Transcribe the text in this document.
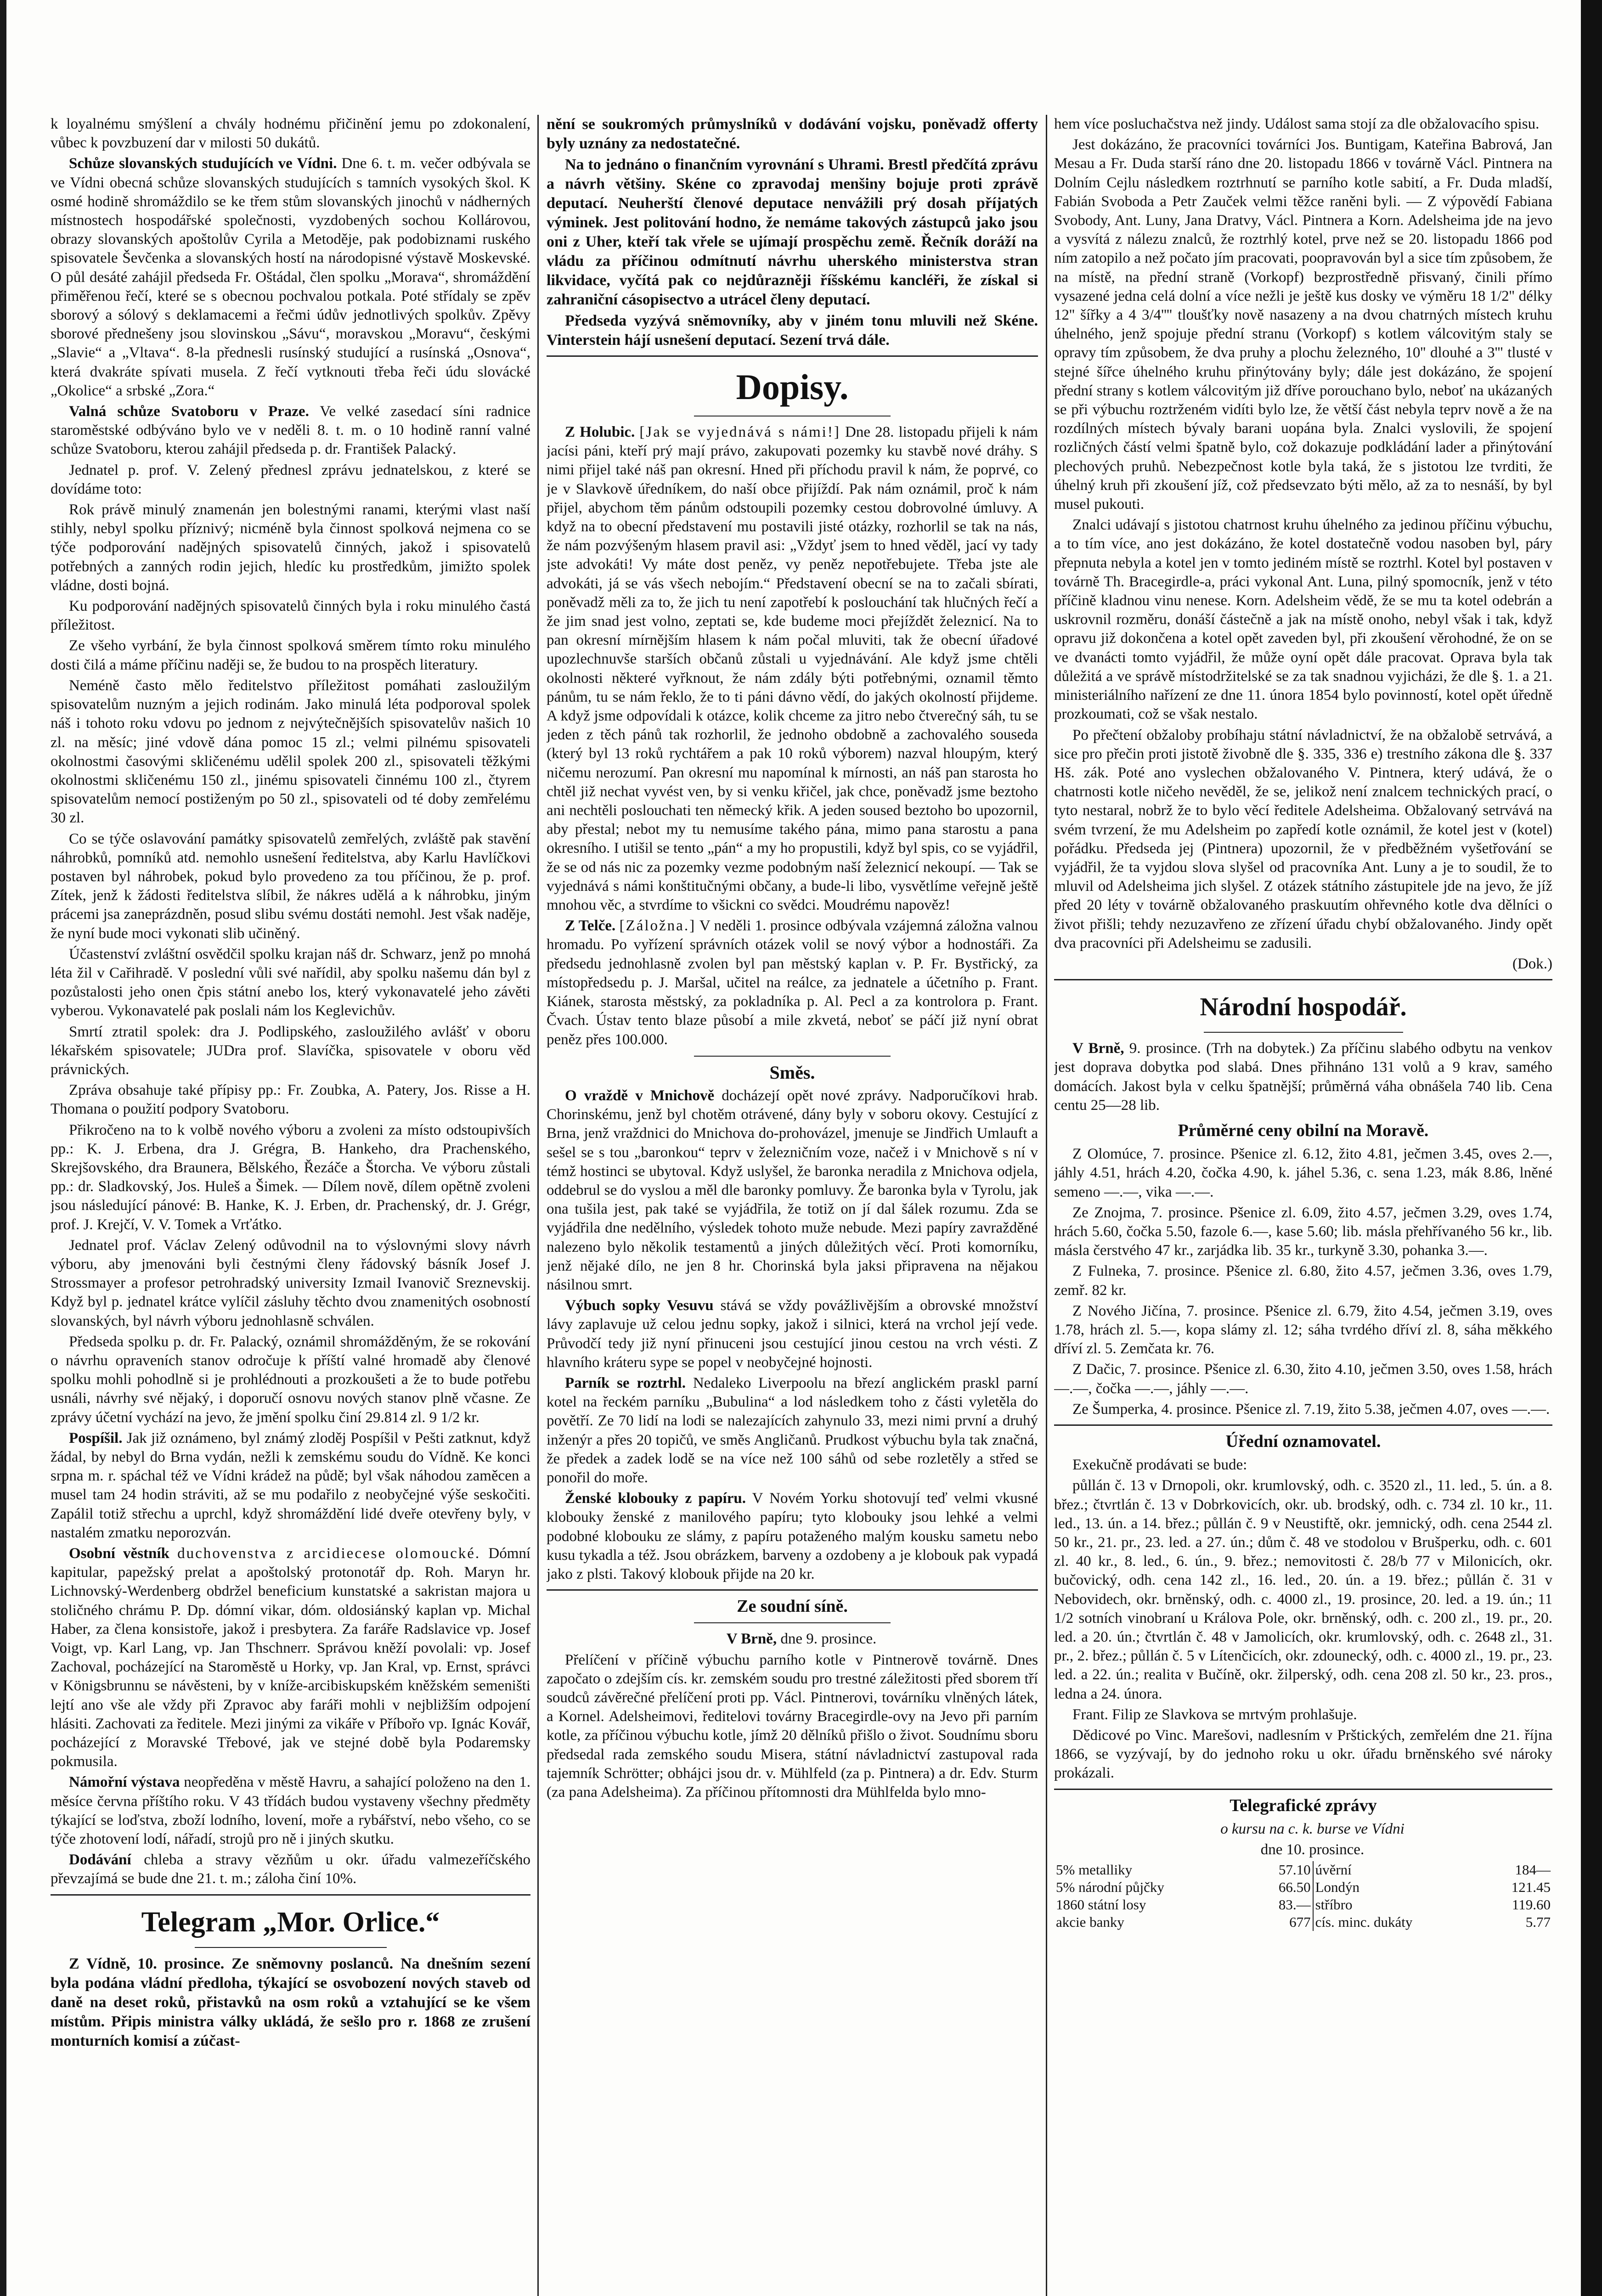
k loyalnému smýšlení a chvály hodnému přičinění jemu po zdokonalení, vůbec k povzbuzení dar v milosti 50 dukátů.

Schůze slovanských studujících ve Vídni. Dne 6. t. m. večer odbývala se ve Vídni obecná schůze slovanských studujících s tamních vysokých škol. K osmé hodině shromáždilo se ke třem stům slovanských jinochů v nádherných místnostech hospodářské společnosti, vyzdobených sochou Kollárovou, obrazy slovanských apoštolův Cyrila a Metoděje, pak podobiznami ruského spisovatele Ševčenka a slovanských hostí na národopisné výstavě Moskevské. O půl desáté zahájil předseda Fr. Oštádal, člen spolku „Morava“, shromáždění přiměřenou řečí, které se s obecnou pochvalou potkala. Poté střídaly se zpěv sborový a sólový s deklamacemi a řečmi údův jednotlivých spolkův. Zpěvy sborové přednešeny jsou slovinskou „Sávu“, moravskou „Moravu“, českými „Slavie“ a „Vltava“. 8-la přednesli rusínský studující a rusínská „Osnova“, která dvakráte spívati musela. Z řečí vytknouti třeba řeči údu slovácké „Okolice“ a srbské „Zora.“

Valná schůze Svatoboru v Praze. Ve velké zasedací síni radnice staroměstské odbýváno bylo ve v neděli 8. t. m. o 10 hodině ranní valné schůze Svatoboru, kterou zahájil předseda p. dr. František Palacký.

Jednatel p. prof. V. Zelený přednesl zprávu jednatelskou, z které se dovídáme toto:

Rok právě minulý znamenán jen bolestnými ranami, kterými vlast naší stihly, nebyl spolku příznivý; nicméně byla činnost spolková nejmena co se týče podporování nadějných spisovatelů činných, jakož i spisovatelů potřebných a zanných rodin jejich, hledíc ku prostředkům, jimižto spolek vládne, dosti bojná.

Ku podporování nadějných spisovatelů činných byla i roku minulého častá příležitost.

Ze všeho vyrbání, že byla činnost spolková směrem tímto roku minulého dosti čilá a máme příčinu naději se, že budou to na prospěch literatury.

Neméně často mělo ředitelstvo příležitost pomáhati zasloužilým spisovatelům nuzným a jejich rodinám. Jako minulá léta podporoval spolek náš i tohoto roku vdovu po jednom z nejvýtečnějších spisovatelův našich 10 zl. na měsíc; jiné vdově dána pomoc 15 zl.; velmi pilnému spisovateli okolnostmi časovými skličenému udělil spolek 200 zl., spisovateli těžkými okolnostmi skličenému 150 zl., jinému spisovateli činnému 100 zl., čtyrem spisovatelům nemocí postiženým po 50 zl., spisovateli od té doby zemřelému 30 zl.

Co se týče oslavování památky spisovatelů zemřelých, zvláště pak stavění náhrobků, pomníků atd. nemohlo usnešení ředitelstva, aby Karlu Havlíčkovi postaven byl náhrobek, pokud bylo provedeno za tou příčinou, že p. prof. Zítek, jenž k žádosti ředitelstva slíbil, že nákres udělá a k náhrobku, jiným prácemi jsa zaneprázdněn, posud slibu svému dostáti nemohl. Jest však naděje, že nyní bude moci vykonati slib učiněný.

Účastenství zvláštní osvědčil spolku krajan náš dr. Schwarz, jenž po mnohá léta žil v Cařihradě. V poslední vůli své nařídil, aby spolku našemu dán byl z pozůstalosti jeho onen čpis státní anebo los, který vykonavatelé jeho závěti vyberou. Vykonavatelé pak poslali nám los Keglevichův.

Smrtí ztratil spolek: dra J. Podlipského, zasloužilého avlášť v oboru lékařském spisovatele; JUDra prof. Slavíčka, spisovatele v oboru věd právnických.

Zpráva obsahuje také přípisy pp.: Fr. Zoubka, A. Patery, Jos. Risse a H. Thomana o použití podpory Svatoboru.

Přikročeno na to k volbě nového výboru a zvoleni za místo odstoupivších pp.: K. J. Erbena, dra J. Grégra, B. Hankeho, dra Prachenského, Skrejšovského, dra Braunera, Bělského, Řezáče a Štorcha. Ve výboru zůstali pp.: dr. Sladkovský, Jos. Huleš a Šimek. — Dílem nově, dílem opětně zvoleni jsou následující pánové: B. Hanke, K. J. Erben, dr. Prachenský, dr. J. Grégr, prof. J. Krejčí, V. V. Tomek a Vrťátko.

Jednatel prof. Václav Zelený odůvodnil na to výslovnými slovy návrh výboru, aby jmenováni byli čestnými členy řádovský básník Josef J. Strossmayer a profesor petrohradský university Izmail Ivanovič Sreznevskij. Když byl p. jednatel krátce vylíčil zásluhy těchto dvou znamenitých osobností slovanských, byl návrh výboru jednohlasně schválen.

Předseda spolku p. dr. Fr. Palacký, oznámil shromážděným, že se rokování o návrhu opraveních stanov odročuje k příští valné hromadě aby členové spolku mohli pohodlně si je prohlédnouti a prozkoušeti a že to bude potřebu usnáli, návrhy své nějaký, i doporučí osnovu nových stanov plně včasne. Ze zprávy účetní vychází na jevo, že jmění spolku činí 29.814 zl. 9 1/2 kr.

Pospíšil. Jak již oznámeno, byl známý zloděj Pospíšil v Pešti zatknut, když žádal, by nebyl do Brna vydán, nežli k zemskému soudu do Vídně. Ke konci srpna m. r. spáchal též ve Vídni krádež na půdě; byl však náhodou zaměcen a musel tam 24 hodin stráviti, až se mu podařilo z neobyčejné výše seskočiti. Zapálil totiž střechu a uprchl, když shromáždění lidé dveře otevřeny byly, v nastalém zmatku neporozván.

Osobní věstník duchovenstva z arcidiecese olomoucké. Dómní kapitular, papežský prelat a apoštolský protonotář dp. Roh. Maryn hr. Lichnovský-Werdenberg obdržel beneficium kunstatské a sakristan majora u stoličného chrámu P. Dp. dómní vikar, dóm. oldosiánský kaplan vp. Michal Haber, za člena konsistoře, jakož i presbytera. Za faráře Radslavice vp. Josef Voigt, vp. Karl Lang, vp. Jan Thschnerr. Správou kněží povolali: vp. Josef Zachoval, pocházející na Staroměstě u Horky, vp. Jan Kral, vp. Ernst, správci v Königsbrunnu se návěsteni, by v kníže-arcibiskupském kněžském semeništi lejtí ano vše ale vždy při Zpravoc aby faráři mohli v nejbližším odpojení hlásiti. Zachovati za ředitele. Mezi jinými za vikáře v Příbořo vp. Ignác Kovář, pocházející z Moravské Třebové, jak ve stejné době byla Podaremsky pokmusila.

Námořní výstava neopředěna v městě Havru, a sahající položeno na den 1. měsíce června příštího roku. V 43 třídách budou vystaveny všechny předměty týkající se loďstva, zboží lodního, lovení, moře a rybářství, nebo všeho, co se týče zhotovení lodí, nářadí, strojů pro ně i jiných skutku.

Dodávání chleba a stravy vězňům u okr. úřadu valmezeříčského převzajímá se bude dne 21. t. m.; záloha činí 10%.

Telegram „Mor. Orlice.“

Z Vídně, 10. prosince. Ze sněmovny poslanců. Na dnešním sezení byla podána vládní předloha, týkající se osvobození nových staveb od daně na deset roků, přistavků na osm roků a vztahující se ke všem místům. Připis ministra války ukládá, že sešlo pro r. 1868 ze zrušení monturních komisí a zúčast-

nění se soukromých průmyslníků v dodávání vojsku, poněvadž offerty byly uznány za nedostatečné.

Na to jednáno o finančním vyrovnání s Uhrami. Brestl předčítá zprávu a návrh většiny. Skéne co zpravodaj menšiny bojuje proti zprávě deputací. Neuherští členové deputace nenvážili prý dosah příjatých výminek. Jest politování hodno, že nemáme takových zástupců jako jsou oni z Uher, kteří tak vřele se ujímají prospěchu země. Řečník doráží na vládu za příčinou odmítnutí návrhu uherského ministerstva stran likvidace, vyčítá pak co nejdůrazněji říšskému kancléři, že získal si zahraniční cásopisectvo a utrácel členy deputací.

Předseda vyzývá sněmovníky, aby v jiném tonu mluvili než Skéne. Vinterstein hájí usnešení deputací. Sezení trvá dále.

Dopisy.

Z Holubic. [Jak se vyjednává s námi!] Dne 28. listopadu přijeli k nám jacísi páni, kteří prý mají právo, zakupovati pozemky ku stavbě nové dráhy. S nimi přijel také náš pan okresní. Hned při příchodu pravil k nám, že poprvé, co je v Slavkově úředníkem, do naší obce přijíždí. Pak nám oznámil, proč k nám přijel, abychom těm pánům odstoupili pozemky cestou dobrovolné úmluvy. A když na to obecní představení mu postavili jisté otázky, rozhorlil se tak na nás, že nám pozvýšeným hlasem pravil asi: „Vždyť jsem to hned věděl, jací vy tady jste advokáti! Vy máte dost peněz, vy peněz nepotřebujete. Třeba jste ale advokáti, já se vás všech nebojím.“ Představení obecní se na to začali sbírati, poněvadž měli za to, že jich tu není zapotřebí k poslouchání tak hlučných řečí a že jim snad jest volno, zeptati se, kde budeme moci přejíždět železnicí. Na to pan okresní mírnějším hlasem k nám počal mluviti, tak že obecní úřadové upozlechnuvše starších občanů zůstali u vyjednávání. Ale když jsme chtěli okolnosti některé vyřknout, že nám zdály býti potřebnými, oznamil těmto pánům, tu se nám řeklo, že to ti páni dávno vědí, do jakých okolností přijdeme. A když jsme odpovídali k otázce, kolik chceme za jitro nebo čtverečný sáh, tu se jeden z těch pánů tak rozhorlil, že jednoho obdobně a zachovalého souseda (který byl 13 roků rychtářem a pak 10 roků výborem) nazval hloupým, který ničemu nerozumí. Pan okresní mu napomínal k mírnosti, an náš pan starosta ho chtěl již nechat vyvést ven, by si venku křičel, jak chce, poněvadž jsme beztoho ani nechtěli poslouchati ten německý křik. A jeden soused beztoho bo upozornil, aby přestal; nebot my tu nemusíme takého pána, mimo pana starostu a pana okresního. I utišil se tento „pán“ a my ho propustili, když byl spis, co se vyjádřil, že se od nás nic za pozemky vezme podobným naší železnicí nekoupí. — Tak se vyjednává s námi konštitučnými občany, a bude-li libo, vysvětlíme veřejně ještě mnohou věc, a stvrdíme to všickni co svědci. Moudrému napověz!

Z Telče. [Záložna.] V neděli 1. prosince odbývala vzájemná záložna valnou hromadu. Po vyřízení správních otázek volil se nový výbor a hodnostáři. Za předsedu jednohlasně zvolen byl pan městský kaplan v. P. Fr. Bystřický, za místopředsedu p. J. Maršal, učitel na reálce, za jednatele a účetního p. Frant. Kiánek, starosta městský, za pokladníka p. Al. Pecl a za kontrolora p. Frant. Čvach. Ústav tento blaze působí a mile zkvetá, neboť se páčí již nyní obrat peněz přes 100.000.

Směs.

O vraždě v Mnichově docházejí opět nové zprávy. Nadporučíkovi hrab. Chorinskému, jenž byl chotěm otrávené, dány byly v soboru okovy. Cestující z Brna, jenž vraždnici do Mnichova do-prohovázel, jmenuje se Jindřich Umlauft a sešel se s tou „baronkou“ teprv v železničním voze, načež i v Mnichově s ní v témž hostinci se ubytoval. Když uslyšel, že baronka neradila z Mnichova odjela, oddebrul se do vyslou a měl dle baronky pomluvy. Že baronka byla v Tyrolu, jak ona tušila jest, pak také se vyjádřila, že totiž on jí dal šálek rozumu. Zda se vyjádřila dne nedělního, výsledek tohoto muže nebude. Mezi papíry zavražděné nalezeno bylo několik testamentů a jiných důležitých věcí. Proti komorníku, jenž nějaké dílo, ne jen 8 hr. Chorinská byla jaksi připravena na nějakou násilnou smrt.

Výbuch sopky Vesuvu stává se vždy povážlivějším a obrovské množství lávy zaplavuje už celou jednu sopky, jakož i silnici, která na vrchol její vede. Průvodčí tedy již nyní přinuceni jsou cestující jinou cestou na vrch vésti. Z hlavního kráteru sype se popel v neobyčejné hojnosti.

Parník se roztrhl. Nedaleko Liverpoolu na březí anglickém praskl parní kotel na řeckém parníku „Bubulina“ a lod následkem toho z části vyletěla do povětří. Ze 70 lidí na lodi se nalezajících zahynulo 33, mezi nimi první a druhý inženýr a přes 20 topičů, ve směs Angličanů. Prudkost výbuchu byla tak značná, že předek a zadek lodě se na více než 100 sáhů od sebe rozletěly a střed se ponořil do moře.

Ženské klobouky z papíru. V Novém Yorku shotovují teď velmi vkusné klobouky ženské z manilového papíru; tyto klobouky jsou lehké a velmi podobné klobouku ze slámy, z papíru potaženého malým kousku sametu nebo kusu tykadla a též. Jsou obrázkem, barveny a ozdobeny a je klobouk pak vypadá jako z plsti. Takový klobouk přijde na 20 kr.

Ze soudní síně.

V Brně, dne 9. prosince.

Přelíčení v příčině výbuchu parního kotle v Pintnerově továrně. Dnes započato o zdejším cís. kr. zemském soudu pro trestné záležitosti před sborem tří soudců závěrečné přelíčení proti pp. Václ. Pintnerovi, továrníku vlněných látek, a Kornel. Adelsheimovi, ředitelovi továrny Bracegirdle-ovy na Jevo při parním kotle, za příčinou výbuchu kotle, jímž 20 dělníků přišlo o život. Soudnímu sboru předsedal rada zemského soudu Misera, státní návladnictví zastupoval rada tajemník Schrötter; obhájci jsou dr. v. Mühlfeld (za p. Pintnera) a dr. Edv. Sturm (za pana Adelsheima). Za příčinou přítomnosti dra Mühlfelda bylo mno-

hem více posluchačstva než jindy. Událost sama stojí za dle obžalovacího spisu.

Jest dokázáno, že pracovníci továrníci Jos. Buntigam, Kateřina Babrová, Jan Mesau a Fr. Duda starší ráno dne 20. listopadu 1866 v továrně Václ. Pintnera na Dolním Cejlu následkem roztrhnutí se parního kotle sabití, a Fr. Duda mladší, Fabián Svoboda a Petr Zauček velmi těžce raněni byli. — Z výpovědí Fabiana Svobody, Ant. Luny, Jana Dratvy, Václ. Pintnera a Korn. Adelsheima jde na jevo a vysvítá z nálezu znalců, že roztrhlý kotel, prve než se 20. listopadu 1866 pod ním zatopilo a než počato jím pracovati, poopravován byl a sice tím způsobem, že na místě, na přední straně (Vorkopf) bezprostředně přisvaný, činili přímo vysazené jedna celá dolní a více nežli je ještě kus dosky ve výměru 18 1/2'' délky 12'' šířky a 4 3/4'''' tloušťky nově nasazeny a na dvou chatrných místech kruhu úhelného, jenž spojuje přední stranu (Vorkopf) s kotlem válcovitým staly se opravy tím způsobem, že dva pruhy a plochu železného, 10'' dlouhé a 3''' tlusté v stejné šířce úhelného kruhu přinýtovány byly; dále jest dokázáno, že spojení přední strany s kotlem válcovitým již dříve porouchano bylo, neboť na ukázaných se při výbuchu roztrženém vidíti bylo lze, že větší část nebyla teprv nově a že na rozdílných místech bývaly barani uopána byla. Znalci vyslovili, že spojení rozličných částí velmi špatně bylo, což dokazuje podkládání lader a přinýtování plechových pruhů. Nebezpečnost kotle byla taká, že s jistotou lze tvrditi, že úhelný kruh při zkoušení jíž, což předsevzato býti mělo, až za to nesnáší, by byl musel pukouti.

Znalci udávají s jistotou chatrnost kruhu úhelného za jedinou příčinu výbuchu, a to tím více, ano jest dokázáno, že kotel dostatečně vodou nasoben byl, páry přepnuta nebyla a kotel jen v tomto jediném místě se roztrhl. Kotel byl postaven v továrně Th. Bracegirdle-a, práci vykonal Ant. Luna, pilný spomocník, jenž v této příčině kladnou vinu nenese. Korn. Adelsheim vědě, že se mu ta kotel odebrán a uskrovnil rozměru, donáší částečně a jak na místě onoho, nebyl však i tak, když opravu již dokončena a kotel opět zaveden byl, při zkoušení věrohodné, že on se ve dvanácti tomto vyjádřil, že může oyní opět dále pracovat. Oprava byla tak důležitá a ve správě místodržitelské se za tak snadnou vyjicházi, že dle §. 1. a 21. ministeriálního nařízení ze dne 11. února 1854 bylo povinností, kotel opět úředně prozkoumati, což se však nestalo.

Po přečtení obžaloby probíhaju státní návladnictví, že na obžalobě setrvává, a sice pro přečin proti jistotě živobně dle §. 335, 336 e) trestního zákona dle §. 337 Hš. zák. Poté ano vyslechen obžalovaného V. Pintnera, který udává, že o chatrnosti kotle ničeho nevěděl, že se, jelikož není znalcem technických prací, o tyto nestaral, nobrž že to bylo věcí ředitele Adelsheima. Obžalovaný setrvává na svém tvrzení, že mu Adelsheim po zapředí kotle oznámil, že kotel jest v (kotel) pořádku. Předseda jej (Pintnera) upozornil, že v předběžném vyšetřování se vyjádřil, že ta vyjdou slova slyšel od pracovníka Ant. Luny a je to soudil, že to mluvil od Adelsheima jich slyšel. Z otázek státního zástupitele jde na jevo, že jíž před 20 léty v továrně obžalovaného praskuutím ohřevného kotle dva dělníci o život přišli; tehdy nezuzavřeno ze zřízení úřadu chybí obžalovaného. Jindy opět dva pracovníci při Adelsheimu se zadusili.

(Dok.)

Národní hospodář.

V Brně, 9. prosince. (Trh na dobytek.) Za příčinu slabého odbytu na venkov jest doprava dobytka pod slabá. Dnes přihnáno 131 volů a 9 krav, samého domácích. Jakost byla v celku špatnější; průměrná váha obnášela 740 lib. Cena centu 25—28 lib.

Průměrné ceny obilní na Moravě.

Z Olomúce, 7. prosince. Pšenice zl. 6.12, žito 4.81, ječmen 3.45, oves 2.—, jáhly 4.51, hrách 4.20, čočka 4.90, k. jáhel 5.36, c. sena 1.23, mák 8.86, lněné semeno —.—, vika —.—.

Ze Znojma, 7. prosince. Pšenice zl. 6.09, žito 4.57, ječmen 3.29, oves 1.74, hrách 5.60, čočka 5.50, fazole 6.—, kase 5.60; lib. másla přehřívaného 56 kr., lib. másla čerstvého 47 kr., zarjádka lib. 35 kr., turkyně 3.30, pohanka 3.—.

Z Fulnekа, 7. prosince. Pšenice zl. 6.80, žito 4.57, ječmen 3.36, oves 1.79, zemř. 82 kr.

Z Nového Jičína, 7. prosince. Pšenice zl. 6.79, žito 4.54, ječmen 3.19, oves 1.78, hrách zl. 5.—, kopa slámy zl. 12; sáha tvrdého dříví zl. 8, sáha měkkého dříví zl. 5. Zemčata kr. 76.

Z Dačic, 7. prosince. Pšenice zl. 6.30, žito 4.10, ječmen 3.50, oves 1.58, hrách —.—, čočka —.—, jáhly —.—.

Ze Šumperka, 4. prosince. Pšenice zl. 7.19, žito 5.38, ječmen 4.07, oves —.—.

Úřední oznamovatel.

Exekučně prodávati se bude:

půllán č. 13 v Drnopoli, okr. krumlovský, odh. c. 3520 zl., 11. led., 5. ún. a 8. břez.; čtvrtlán č. 13 v Dobrkovicích, okr. ub. brodský, odh. c. 734 zl. 10 kr., 11. led., 13. ún. a 14. břez.; půllán č. 9 v Neustiftě, okr. jemnický, odh. cena 2544 zl. 50 kr., 21. pr., 23. led. a 27. ún.; dům č. 48 ve stodolou v Brušperku, odh. c. 601 zl. 40 kr., 8. led., 6. ún., 9. břez.; nemovitosti č. 28/b 77 v Milonicích, okr. bučovický, odh. cena 142 zl., 16. led., 20. ún. a 19. břez.; půllán č. 31 v Nebovidech, okr. brněnský, odh. c. 4000 zl., 19. prosince, 20. led. a 19. ún.; 11 1/2 sotních vinobraní u Králova Pole, okr. brněnský, odh. c. 200 zl., 19. pr., 20. led. a 20. ún.; čtvrtlán č. 48 v Jamolicích, okr. krumlovský, odh. c. 2648 zl., 31. pr., 2. břez.; půllán č. 5 v Lítenčicích, okr. zdounecký, odh. c. 4000 zl., 19. pr., 23. led. a 22. ún.; realita v Bučíně, okr. žilperský, odh. cena 208 zl. 50 kr., 23. pros., ledna a 24. února.

Frant. Filip ze Slavkova se mrtvým prohlašuje.

Dědicové po Vinc. Marešovi, nadlesním v Prštických, zemřelém dne 21. října 1866, se vyzývají, by do jednoho roku u okr. úřadu brněnského své nároky prokázali.

Telegrafické zprávy

o kursu na c. k. burse ve Vídni

dne 10. prosince.

5% metalliky	57.10	úvěrní	184—
5% národní půjčky	66.50	Londýn	121.45
1860 státní losy	83.—	stříbro	119.60
akcie banky	677	cís. minc. dukáty	5.77
